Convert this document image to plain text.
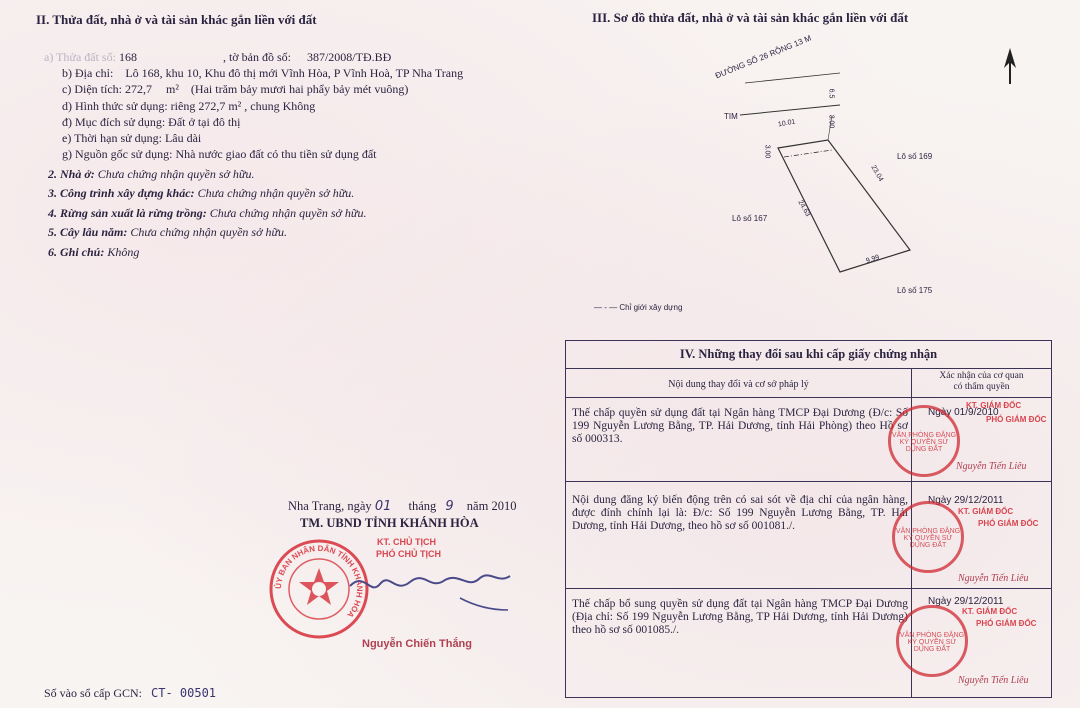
II. Thửa đất, nhà ở và tài sản khác gắn liền với đất
a) Thửa đất số: 168	, tờ bản đồ số: 387/2008/TĐ.BĐ
b) Địa chỉ: Lô 168, khu 10, Khu đô thị mới Vĩnh Hòa, P Vĩnh Hoà, TP Nha Trang
c) Diện tích: 272,7 m² (Hai trăm bảy mươi hai phẩy bảy mét vuông)
d) Hình thức sử dụng: riêng 272,7 m² , chung Không
đ) Mục đích sử dụng: Đất ở tại đô thị
e) Thời hạn sử dụng: Lâu dài
g) Nguồn gốc sử dụng: Nhà nước giao đất có thu tiền sử dụng đất
2. Nhà ở: Chưa chứng nhận quyền sở hữu.
3. Công trình xây dựng khác: Chưa chứng nhận quyền sở hữu.
4. Rừng sản xuất là rừng trồng: Chưa chứng nhận quyền sở hữu.
5. Cây lâu năm: Chưa chứng nhận quyền sở hữu.
6. Ghi chú: Không
Nha Trang, ngày 01 tháng 9 năm 2010
TM. UBND TỈNH KHÁNH HÒA
KT. CHỦ TỊCH
PHÓ CHỦ TỊCH
ỦY BAN NHÂN DÂN TỈNH KHÁNH HÒA
Nguyễn Chiến Thắng
Số vào sổ cấp GCN: CT- 00501
III. Sơ đồ thửa đất, nhà ở và tài sản khác gắn liền với đất
ĐƯỜNG SỐ 26 RỘNG 13 M
TIM
6.5
10.01	3.00
3.00
23.04
24.63
9.99
Lô số 169
Lô số 167
Lô số 175
— - — Chỉ giới xây dựng
IV. Những thay đổi sau khi cấp giấy chứng nhận
Nội dung thay đổi và cơ sở pháp lý
Xác nhận của cơ quan
có thẩm quyền
Thế chấp quyền sử dụng đất tại Ngân hàng TMCP Đại Dương (Đ/c: Số 199 Nguyễn Lương Bằng, TP. Hải Dương, tỉnh Hải Phòng) theo Hồ sơ số 000313.
Ngày 01/9/2010
KT. GIÁM ĐỐC
PHÓ GIÁM ĐỐC
VĂN PHÒNG ĐĂNG KÝ QUYỀN SỬ DỤNG ĐẤT
Nguyễn Tiến Liêu
Nội dung đăng ký biến động trên có sai sót về địa chỉ của ngân hàng, được đính chính lại là: Đ/c: Số 199 Nguyễn Lương Bằng, TP. Hải Dương, tỉnh Hải Dương, theo hồ sơ số 001081./.
Ngày 29/12/2011
KT. GIÁM ĐỐC
PHÓ GIÁM ĐỐC
VĂN PHÒNG ĐĂNG KÝ QUYỀN SỬ DỤNG ĐẤT
Nguyễn Tiến Liêu
Thế chấp bổ sung quyền sử dụng đất tại Ngân hàng TMCP Đại Dương (Địa chỉ: Số 199 Nguyễn Lương Bằng, TP Hải Dương, tỉnh Hải Dương) theo hồ sơ số 001085./.
Ngày 29/12/2011
KT. GIÁM ĐỐC
PHÓ GIÁM ĐỐC
VĂN PHÒNG ĐĂNG KÝ QUYỀN SỬ DỤNG ĐẤT
Nguyễn Tiến Liêu
